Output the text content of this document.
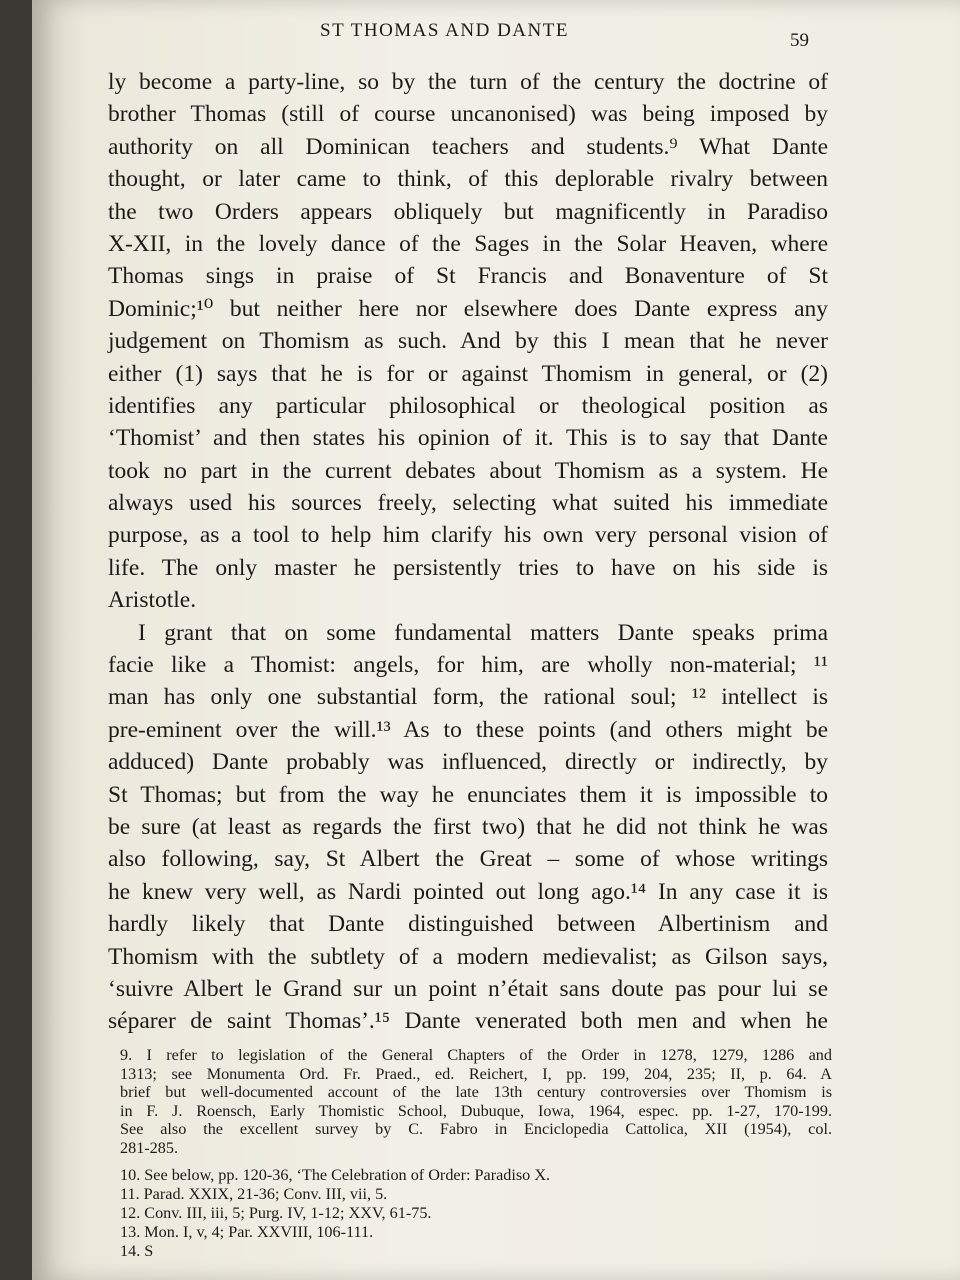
ST THOMAS AND DANTE	59
ly become a party-line, so by the turn of the century the doctrine of
brother Thomas (still of course uncanonised) was being imposed by
authority on all Dominican teachers and students.⁹ What Dante
thought, or later came to think, of this deplorable rivalry between
the two Orders appears obliquely but magnificently in Paradiso
X-XII, in the lovely dance of the Sages in the Solar Heaven, where
Thomas sings in praise of St Francis and Bonaventure of St
Dominic;¹⁰ but neither here nor elsewhere does Dante express any
judgement on Thomism as such. And by this I mean that he never
either (1) says that he is for or against Thomism in general, or (2)
identifies any particular philosophical or theological position as
‘Thomist’ and then states his opinion of it. This is to say that Dante
took no part in the current debates about Thomism as a system. He
always used his sources freely, selecting what suited his immediate
purpose, as a tool to help him clarify his own very personal vision of
life. The only master he persistently tries to have on his side is
Aristotle.
I grant that on some fundamental matters Dante speaks prima
facie like a Thomist: angels, for him, are wholly non-material; ¹¹
man has only one substantial form, the rational soul; ¹² intellect is
pre-eminent over the will.¹³ As to these points (and others might be
adduced) Dante probably was influenced, directly or indirectly, by
St Thomas; but from the way he enunciates them it is impossible to
be sure (at least as regards the first two) that he did not think he was
also following, say, St Albert the Great – some of whose writings
he knew very well, as Nardi pointed out long ago.¹⁴ In any case it is
hardly likely that Dante distinguished between Albertinism and
Thomism with the subtlety of a modern medievalist; as Gilson says,
‘suivre Albert le Grand sur un point n’était sans doute pas pour lui se
séparer de saint Thomas’.¹⁵ Dante venerated both men and when he
9. I refer to legislation of the General Chapters of the Order in 1278, 1279, 1286 and
1313; see Monumenta Ord. Fr. Praed., ed. Reichert, I, pp. 199, 204, 235; II, p. 64. A
brief but well-documented account of the late 13th century controversies over Thomism is
in F. J. Roensch, Early Thomistic School, Dubuque, Iowa, 1964, espec. pp. 1-27, 170-199.
See also the excellent survey by C. Fabro in Enciclopedia Cattolica, XII (1954), col.
281-285.
10. See below, pp. 120-36, ‘The Celebration of Order: Paradiso X.
11. Parad. XXIX, 21-36; Conv. III, vii, 5.
12. Conv. III, iii, 5; Purg. IV, 1-12; XXV, 61-75.
13. Mon. I, v, 4; Par. XXVIII, 106-111.
14. S
